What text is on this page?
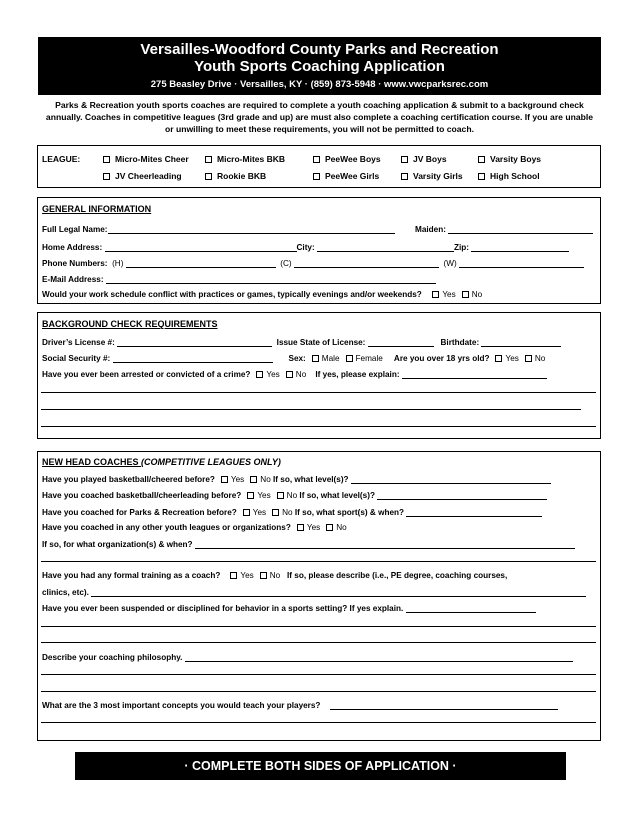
Versailles-Woodford County Parks and Recreation
Youth Sports Coaching Application
275 Beasley Drive · Versailles, KY · (859) 873-5948 · www.vwcparksrec.com
Parks & Recreation youth sports coaches are required to complete a youth coaching application & submit to a background check annually. Coaches in competitive leagues (3rd grade and up) are must also complete a coaching certification course. If you are unable or unwilling to meet these requirements, you will not be permitted to coach.
LEAGUE:	Micro-Mites Cheer	Micro-Mites BKB	PeeWee Boys	JV Boys	Varsity Boys
JV Cheerleading	Rookie BKB	PeeWee Girls	Varsity Girls	High School
GENERAL INFORMATION
Full Legal Name:	Maiden:
Home Address:	City:	Zip:
Phone Numbers: (H)	(C)	(W)
E-Mail Address:
Would your work schedule conflict with practices or games, typically evenings and/or weekends?	Yes No
BACKGROUND CHECK REQUIREMENTS
Driver’s License #:	Issue State of License:	Birthdate:
Social Security #:	Sex: Male Female Are you over 18 yrs old? Yes No
Have you ever been arrested or convicted of a crime? Yes No If yes, please explain:
NEW HEAD COACHES (COMPETITIVE LEAGUES ONLY)
Have you played basketball/cheered before? Yes No If so, what level(s)?
Have you coached basketball/cheerleading before? Yes No If so, what level(s)?
Have you coached for Parks & Recreation before? Yes No If so, what sport(s) & when?
Have you coached in any other youth leagues or organizations? Yes No
If so, for what organization(s) & when?
Have you had any formal training as a coach? Yes No If so, please describe (i.e., PE degree, coaching courses,
clinics, etc).
Have you ever been suspended or disciplined for behavior in a sports setting? If yes explain.
Describe your coaching philosophy.
What are the 3 most important concepts you would teach your players?
· COMPLETE BOTH SIDES OF APPLICATION ·
